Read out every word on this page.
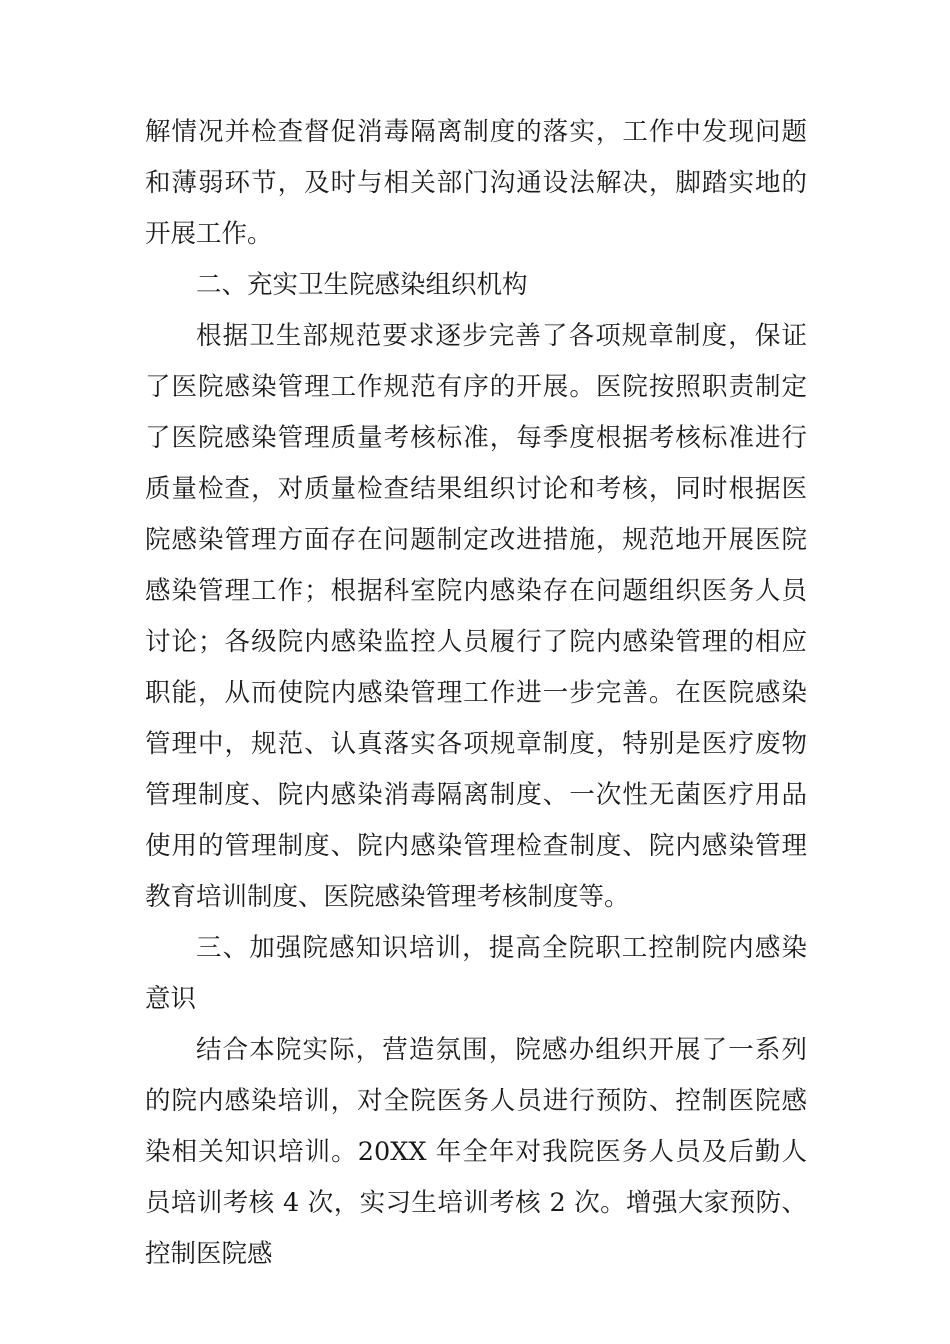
解情况并检查督促消毒隔离制度的落实，工作中发现问题和薄弱环节，及时与相关部门沟通设法解决，脚踏实地的开展工作。

二、充实卫生院感染组织机构

根据卫生部规范要求逐步完善了各项规章制度，保证了医院感染管理工作规范有序的开展。医院按照职责制定了医院感染管理质量考核标准，每季度根据考核标准进行质量检查，对质量检查结果组织讨论和考核，同时根据医院感染管理方面存在问题制定改进措施，规范地开展医院感染管理工作；根据科室院内感染存在问题组织医务人员讨论；各级院内感染监控人员履行了院内感染管理的相应职能，从而使院内感染管理工作进一步完善。在医院感染管理中，规范、认真落实各项规章制度，特别是医疗废物管理制度、院内感染消毒隔离制度、一次性无菌医疗用品使用的管理制度、院内感染管理检查制度、院内感染管理教育培训制度、医院感染管理考核制度等。

三、加强院感知识培训，提高全院职工控制院内感染意识

结合本院实际，营造氛围，院感办组织开展了一系列的院内感染培训，对全院医务人员进行预防、控制医院感染相关知识培训。20XX 年全年对我院医务人员及后勤人员培训考核 4 次，实习生培训考核 2 次。增强大家预防、控制医院感
